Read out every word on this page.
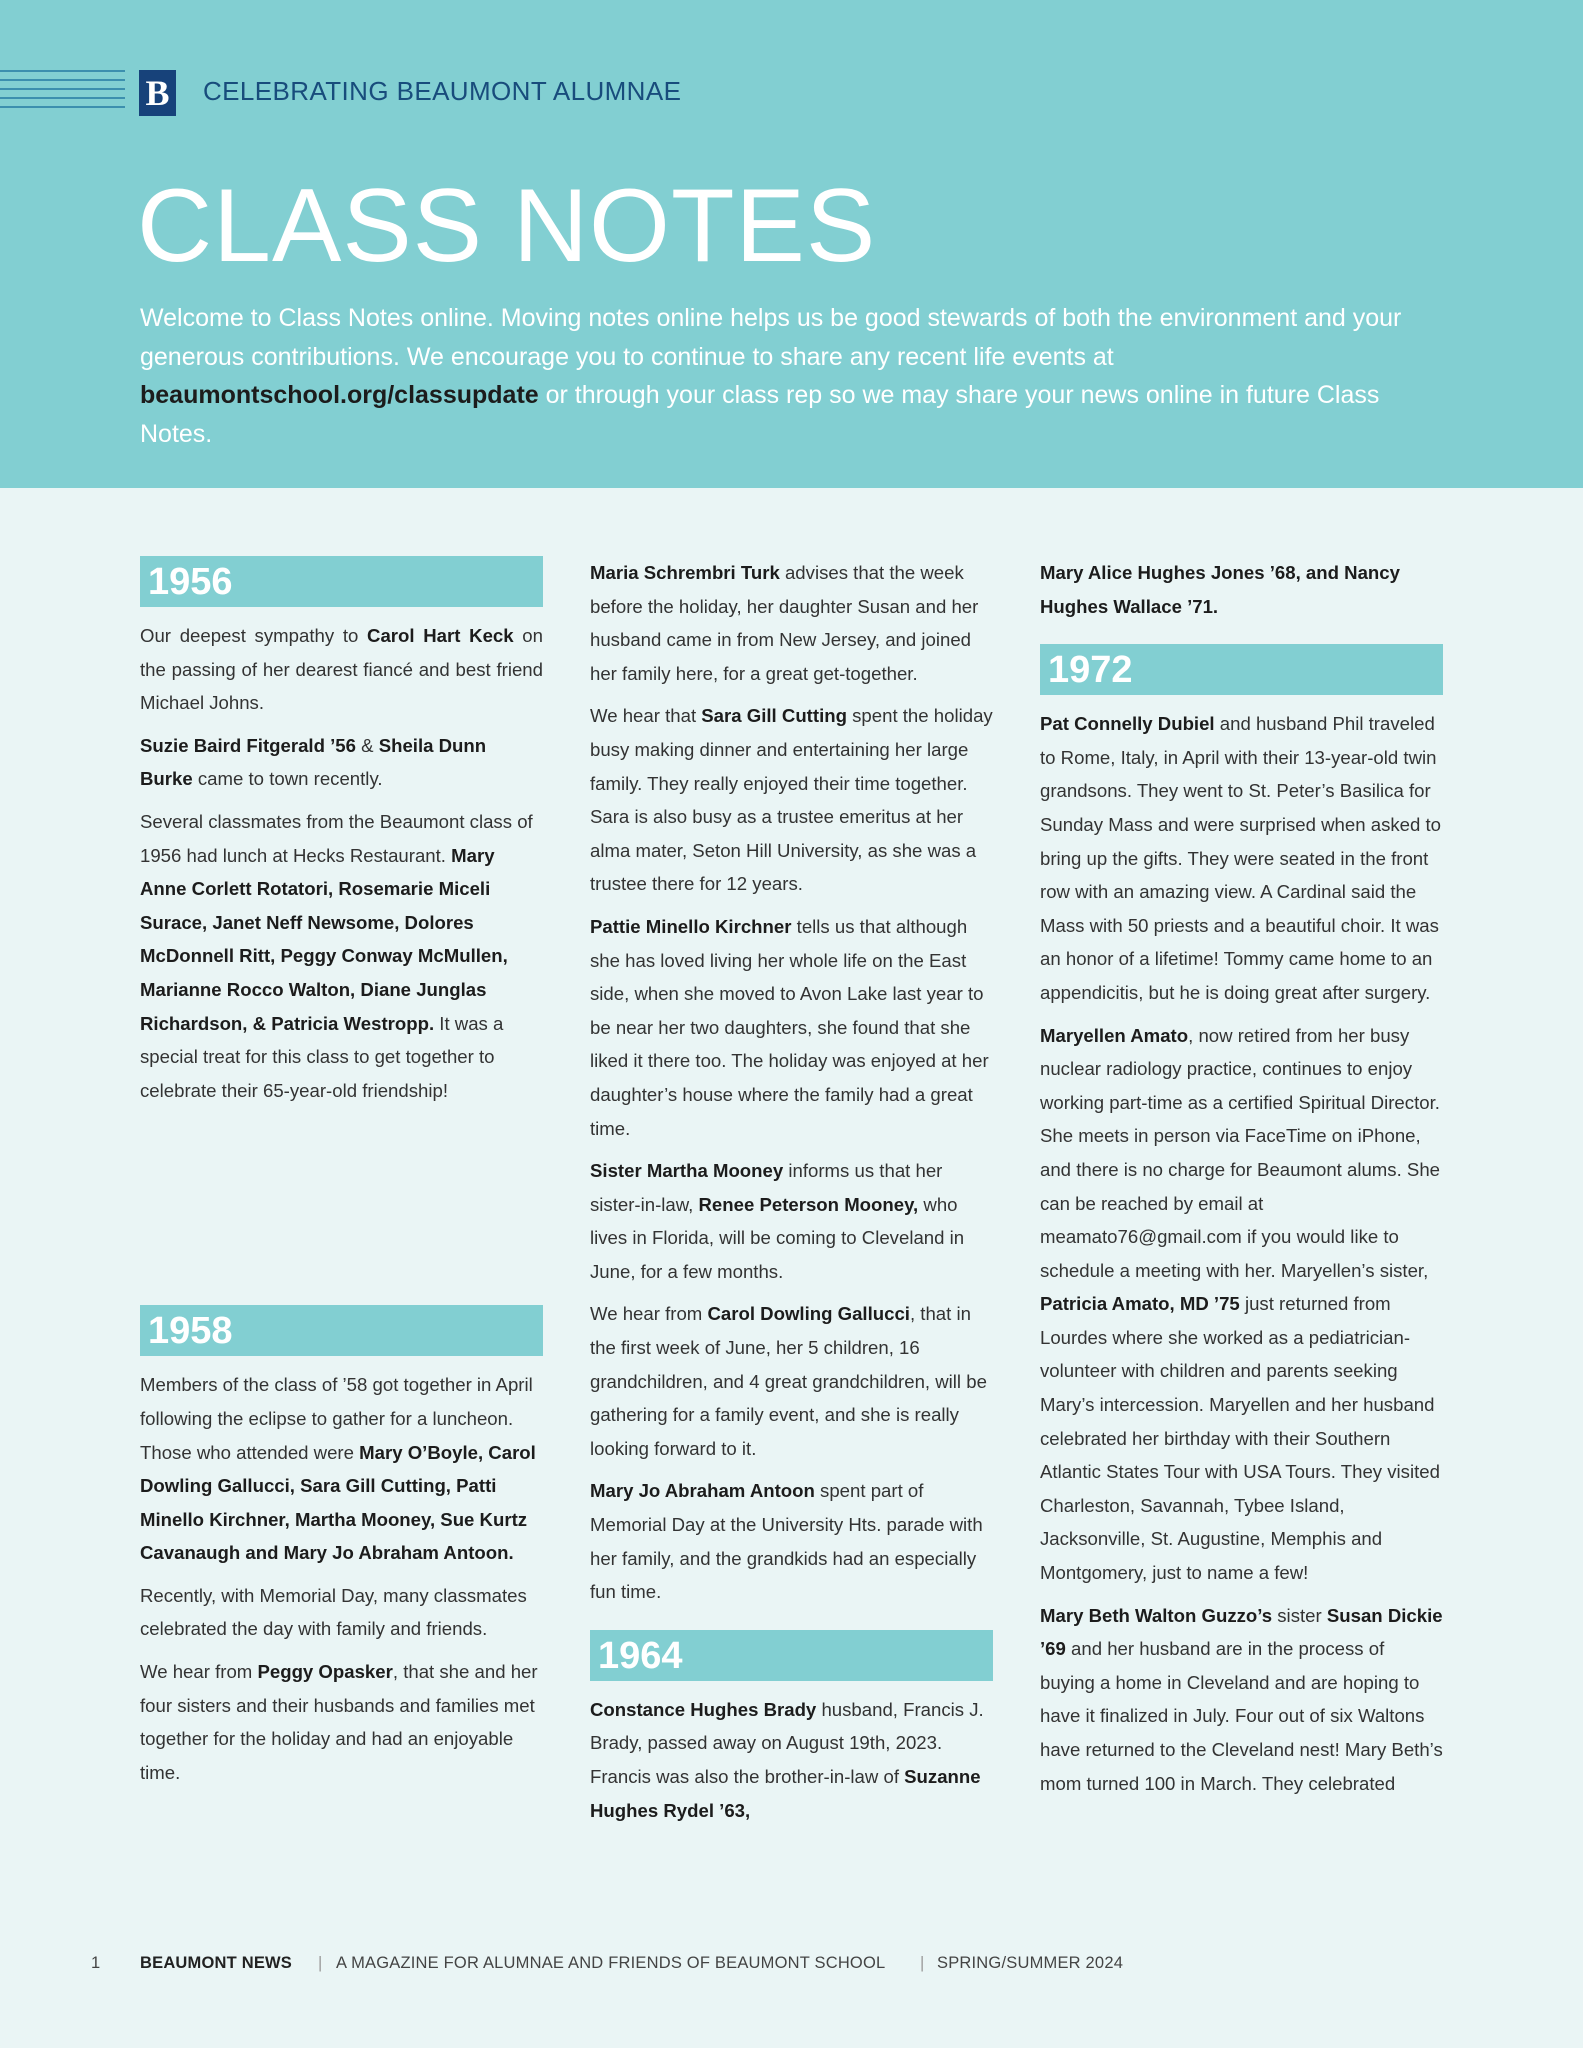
B CELEBRATING BEAUMONT ALUMNAE
CLASS NOTES

Welcome to Class Notes online. Moving notes online helps us be good stewards of both the environment and your generous contributions. We encourage you to continue to share any recent life events at beaumontschool.org/classupdate or through your class rep so we may share your news online in future Class Notes.

1956

Our deepest sympathy to Carol Hart Keck on the passing of her dearest fiancé and best friend Michael Johns.

Suzie Baird Fitgerald ’56 & Sheila Dunn Burke came to town recently.

Several classmates from the Beaumont class of 1956 had lunch at Hecks Restaurant. Mary Anne Corlett Rotatori, Rosemarie Miceli Surace, Janet Neff Newsome, Dolores McDonnell Ritt, Peggy Conway McMullen, Marianne Rocco Walton, Diane Junglas Richardson, & Patricia Westropp. It was a special treat for this class to get together to celebrate their 65-year-old friendship!

1958

Members of the class of ’58 got together in April following the eclipse to gather for a luncheon. Those who attended were Mary O’Boyle, Carol Dowling Gallucci, Sara Gill Cutting, Patti Minello Kirchner, Martha Mooney, Sue Kurtz Cavanaugh and Mary Jo Abraham Antoon.

Recently, with Memorial Day, many classmates celebrated the day with family and friends.

We hear from Peggy Opasker, that she and her four sisters and their husbands and families met together for the holiday and had an enjoyable time.

Maria Schrembri Turk advises that the week before the holiday, her daughter Susan and her husband came in from New Jersey, and joined her family here, for a great get-together.

We hear that Sara Gill Cutting spent the holiday busy making dinner and entertaining her large family. They really enjoyed their time together. Sara is also busy as a trustee emeritus at her alma mater, Seton Hill University, as she was a trustee there for 12 years.

Pattie Minello Kirchner tells us that although she has loved living her whole life on the East side, when she moved to Avon Lake last year to be near her two daughters, she found that she liked it there too. The holiday was enjoyed at her daughter’s house where the family had a great time.

Sister Martha Mooney informs us that her sister-in-law, Renee Peterson Mooney, who lives in Florida, will be coming to Cleveland in June, for a few months.

We hear from Carol Dowling Gallucci, that in the first week of June, her 5 children, 16 grandchildren, and 4 great grandchildren, will be gathering for a family event, and she is really looking forward to it.

Mary Jo Abraham Antoon spent part of Memorial Day at the University Hts. parade with her family, and the grandkids had an especially fun time.

1964

Constance Hughes Brady husband, Francis J. Brady, passed away on August 19th, 2023. Francis was also the brother-in-law of Suzanne Hughes Rydel ’63,

Mary Alice Hughes Jones ’68, and Nancy Hughes Wallace ’71.

1972

Pat Connelly Dubiel and husband Phil traveled to Rome, Italy, in April with their 13-year-old twin grandsons. They went to St. Peter’s Basilica for Sunday Mass and were surprised when asked to bring up the gifts. They were seated in the front row with an amazing view. A Cardinal said the Mass with 50 priests and a beautiful choir. It was an honor of a lifetime! Tommy came home to an appendicitis, but he is doing great after surgery.

Maryellen Amato, now retired from her busy nuclear radiology practice, continues to enjoy working part-time as a certified Spiritual Director. She meets in person via FaceTime on iPhone, and there is no charge for Beaumont alums. She can be reached by email at meamato76@gmail.com if you would like to schedule a meeting with her. Maryellen’s sister, Patricia Amato, MD ’75 just returned from Lourdes where she worked as a pediatrician-volunteer with children and parents seeking Mary’s intercession. Maryellen and her husband celebrated her birthday with their Southern Atlantic States Tour with USA Tours. They visited Charleston, Savannah, Tybee Island, Jacksonville, St. Augustine, Memphis and Montgomery, just to name a few!

Mary Beth Walton Guzzo’s sister Susan Dickie ’69 and her husband are in the process of buying a home in Cleveland and are hoping to have it finalized in July. Four out of six Waltons have returned to the Cleveland nest! Mary Beth’s mom turned 100 in March. They celebrated

1 BEAUMONT NEWS | A MAGAZINE FOR ALUMNAE AND FRIENDS OF BEAUMONT SCHOOL | SPRING/SUMMER 2024
